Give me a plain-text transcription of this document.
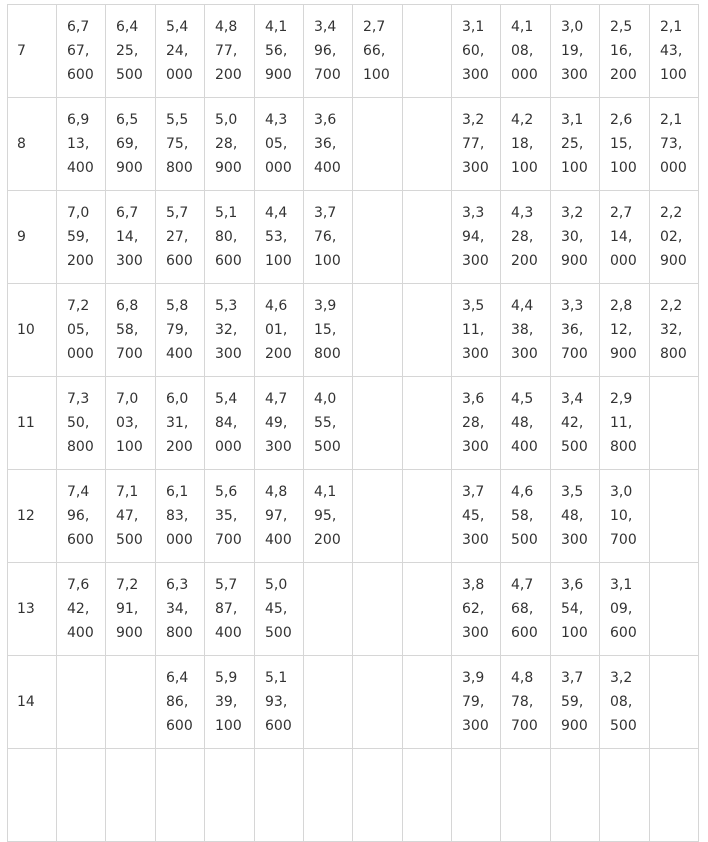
7	6,7
67,
600	6,4
25,
500	5,4
24,
000	4,8
77,
200	4,1
56,
900	3,4
96,
700	2,7
66,
100		3,1
60,
300	4,1
08,
000	3,0
19,
300	2,5
16,
200	2,1
43,
100

8	6,9
13,
400	6,5
69,
900	5,5
75,
800	5,0
28,
900	4,3
05,
000	3,6
36,
400			3,2
77,
300	4,2
18,
100	3,1
25,
100	2,6
15,
100	2,1
73,
000

9	7,0
59,
200	6,7
14,
300	5,7
27,
600	5,1
80,
600	4,4
53,
100	3,7
76,
100			3,3
94,
300	4,3
28,
200	3,2
30,
900	2,7
14,
000	2,2
02,
900

10	7,2
05,
000	6,8
58,
700	5,8
79,
400	5,3
32,
300	4,6
01,
200	3,9
15,
800			3,5
11,
300	4,4
38,
300	3,3
36,
700	2,8
12,
900	2,2
32,
800

11	7,3
50,
800	7,0
03,
100	6,0
31,
200	5,4
84,
000	4,7
49,
300	4,0
55,
500			3,6
28,
300	4,5
48,
400	3,4
42,
500	2,9
11,
800	

12	7,4
96,
600	7,1
47,
500	6,1
83,
000	5,6
35,
700	4,8
97,
400	4,1
95,
200			3,7
45,
300	4,6
58,
500	3,5
48,
300	3,0
10,
700	

13	7,6
42,
400	7,2
91,
900	6,3
34,
800	5,7
87,
400	5,0
45,
500				3,8
62,
300	4,7
68,
600	3,6
54,
100	3,1
09,
600	

14			6,4
86,
600	5,9
39,
100	5,1
93,
600				3,9
79,
300	4,8
78,
700	3,7
59,
900	3,2
08,
500	
